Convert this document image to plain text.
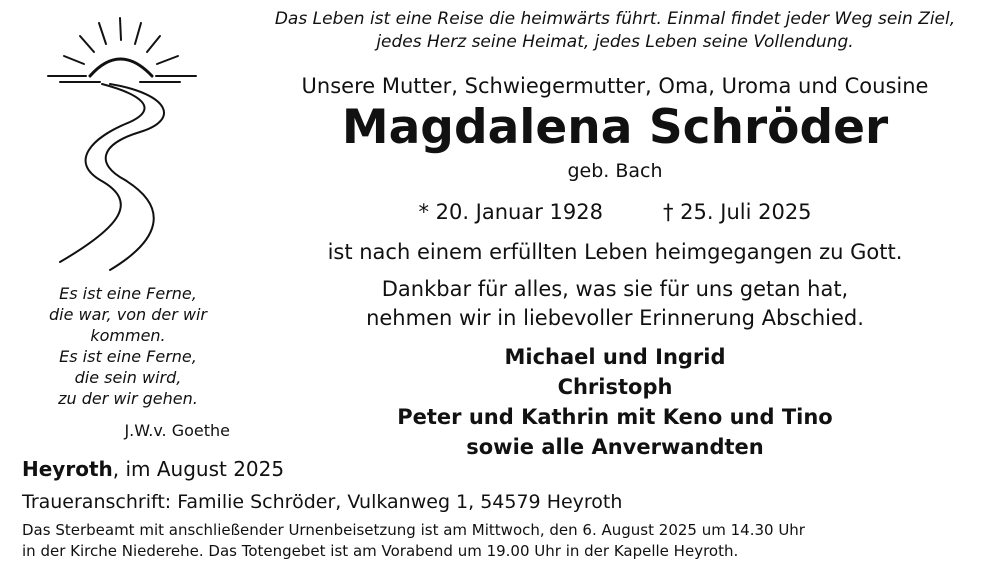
Das Leben ist eine Reise die heimwärts führt. Einmal findet jeder Weg sein Ziel,
jedes Herz seine Heimat, jedes Leben seine Vollendung.
Unsere Mutter, Schwiegermutter, Oma, Uroma und Cousine
Magdalena Schröder
geb. Bach
* 20. Januar 1928	† 25. Juli 2025
ist nach einem erfüllten Leben heimgegangen zu Gott.
Dankbar für alles, was sie für uns getan hat,
nehmen wir in liebevoller Erinnerung Abschied.
Michael und Ingrid
Christoph
Peter und Kathrin mit Keno und Tino
sowie alle Anverwandten
Es ist eine Ferne,
die war, von der wir
kommen.
Es ist eine Ferne,
die sein wird,
zu der wir gehen.
J.W.v. Goethe
Heyroth, im August 2025
Traueranschrift: Familie Schröder, Vulkanweg 1, 54579 Heyroth
Das Sterbeamt mit anschließender Urnenbeisetzung ist am Mittwoch, den 6. August 2025 um 14.30 Uhr
in der Kirche Niederehe. Das Totengebet ist am Vorabend um 19.00 Uhr in der Kapelle Heyroth.
